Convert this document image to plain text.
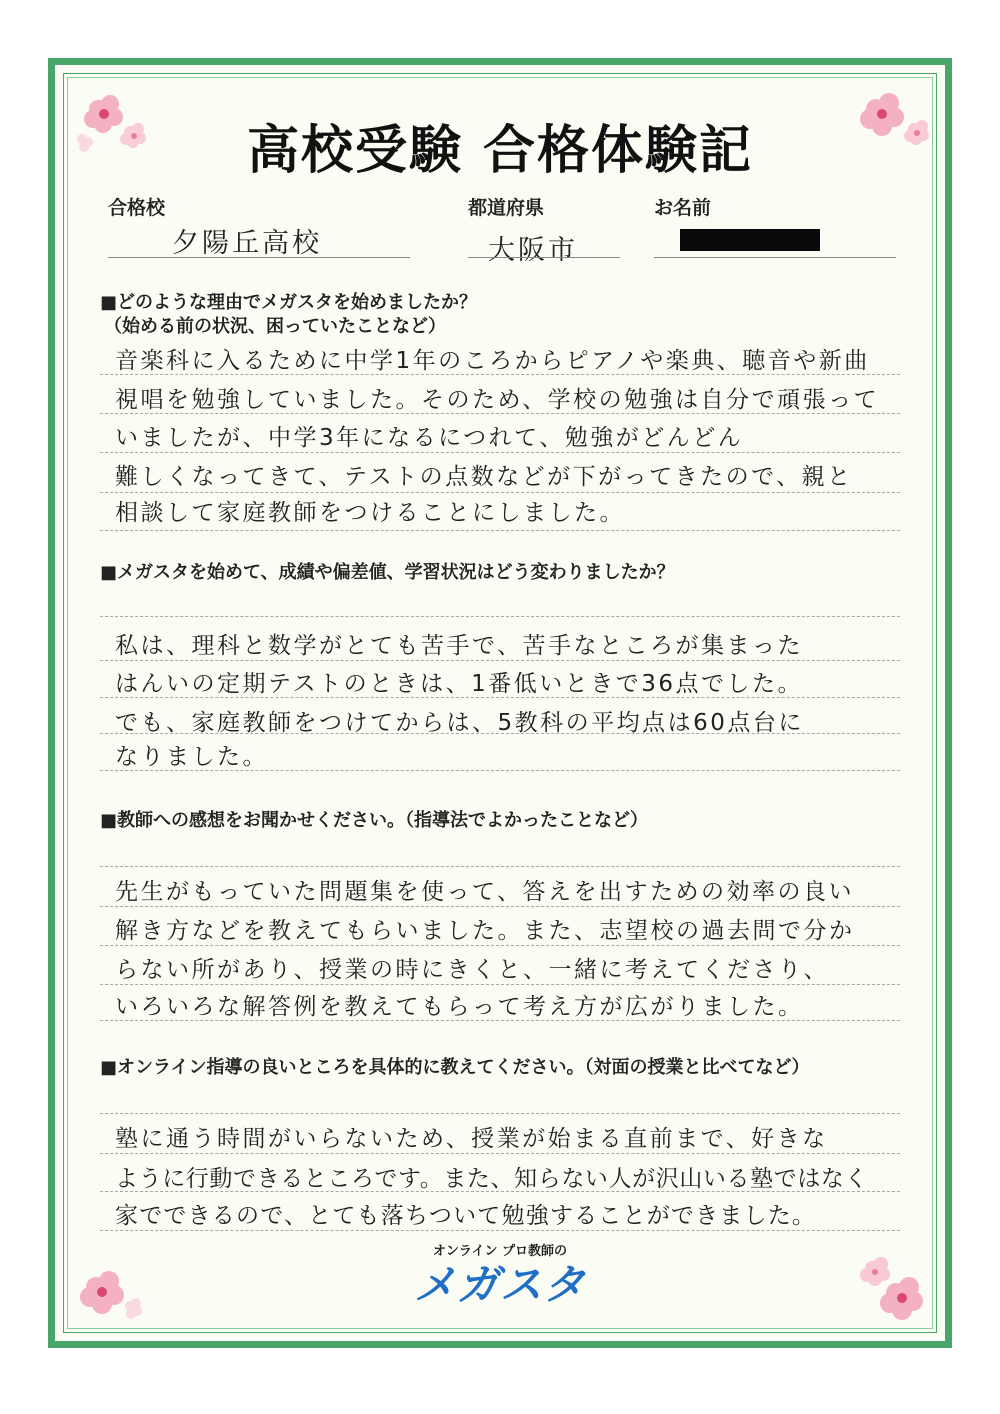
高校受験 合格体験記
合格校
夕陽丘高校
都道府県
大阪市
お名前
■どのような理由でメガスタを始めましたか？
（始める前の状況、困っていたことなど）
音楽科に入るために中学1年のころからピアノや楽典、聴音や新曲
視唱を勉強していました。そのため、学校の勉強は自分で頑張って
いましたが、中学3年になるにつれて、勉強がどんどん
難しくなってきて、テストの点数などが下がってきたので、親と
相談して家庭教師をつけることにしました。
■メガスタを始めて、成績や偏差値、学習状況はどう変わりましたか？
私は、理科と数学がとても苦手で、苦手なところが集まった
はんいの定期テストのときは、1番低いときで36点でした。
でも、家庭教師をつけてからは、5教科の平均点は60点台に
なりました。
■教師への感想をお聞かせください。（指導法でよかったことなど）
先生がもっていた問題集を使って、答えを出すための効率の良い
解き方などを教えてもらいました。また、志望校の過去問で分か
らない所があり、授業の時にきくと、一緒に考えてくださり、
いろいろな解答例を教えてもらって考え方が広がりました。
■オンライン指導の良いところを具体的に教えてください。（対面の授業と比べてなど）
塾に通う時間がいらないため、授業が始まる直前まで、好きな
ように行動できるところです。また、知らない人が沢山いる塾ではなく
家でできるので、とても落ちついて勉強することができました。
オンライン プロ教師の
メガスタ
